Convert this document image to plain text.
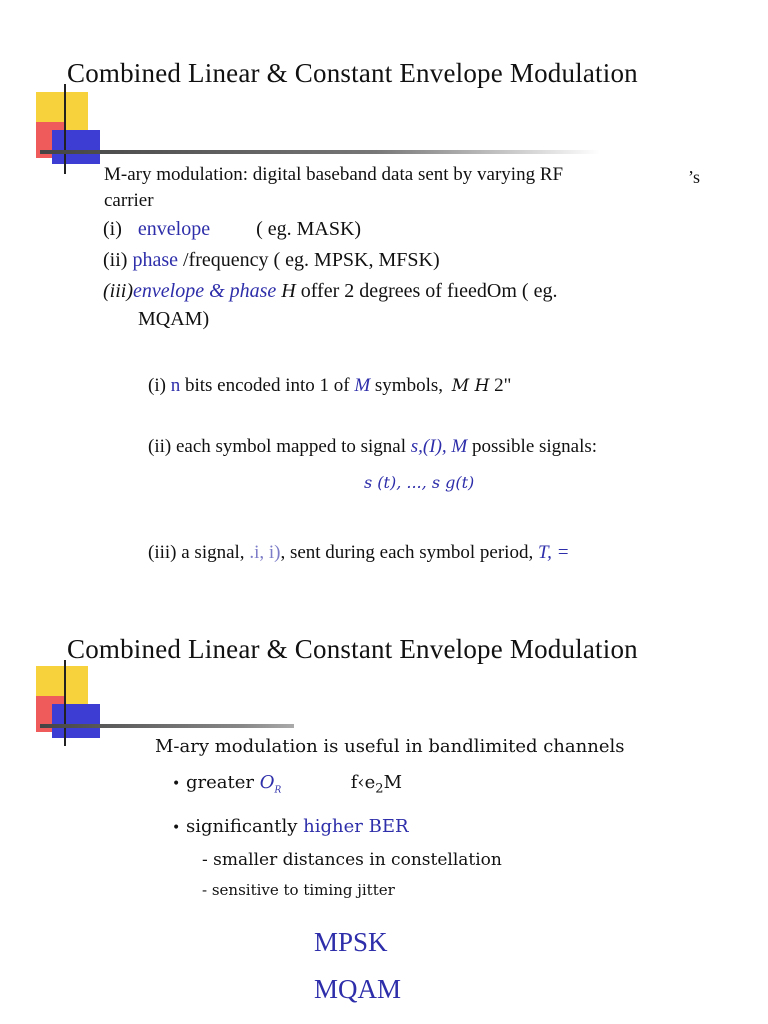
Combined Linear & Constant Envelope Modulation
M-ary modulation: digital baseband data sent by varying RF	’s
carrier
(i) envelope ( eg. MASK)
(ii) phase /frequency ( eg. MPSK, MFSK)
(iii)envelope & phase H offer 2 degrees of fıeedOm ( eg.
MQAM)
(i) n bits encoded into 1 of M symbols, M H 2"
(ii) each symbol mapped to signal s,(I), M possible signals:
s (t), ..., s g(t)
(iii) a signal, .i, i), sent during each symbol period, T, =
Combined Linear & Constant Envelope Modulation
M-ary modulation is useful in bandlimited channels
• greater $O_R$	$f‹e_2M$
• significantly higher BER
- smaller distances in constellation
- sensitive to timing jitter
MPSK
MQAM
